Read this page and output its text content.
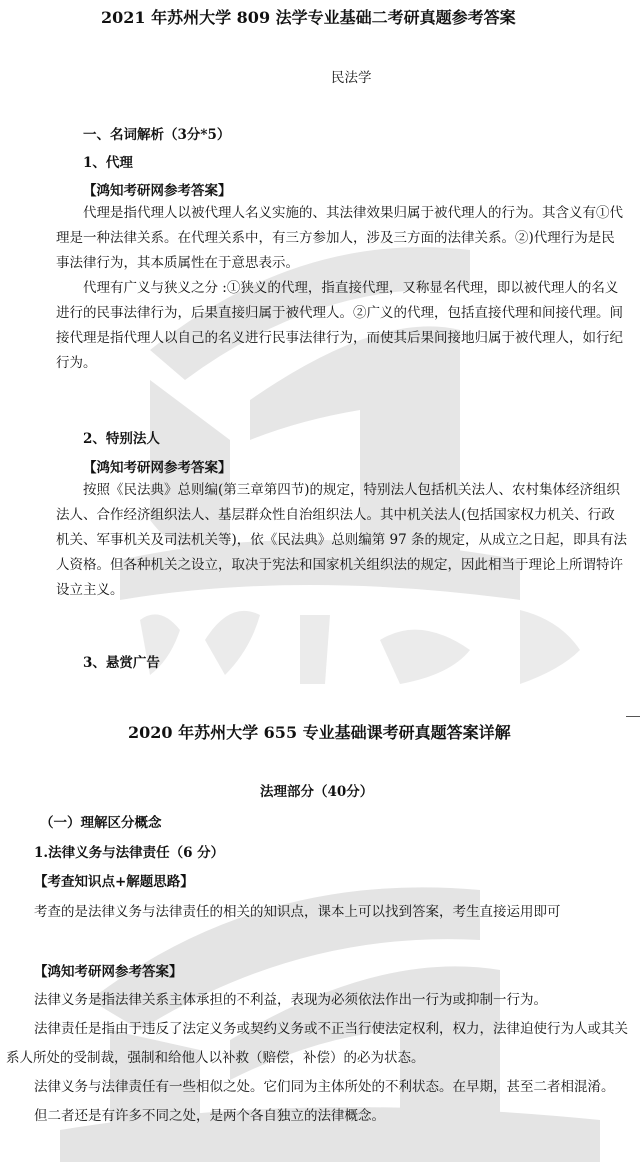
2021 年苏州大学 809 法学专业基础二考研真题参考答案
民法学
一、名词解析（3分*5）
1、代理
【鸿知考研网参考答案】

代理是指代理人以被代理人名义实施的、其法律效果归属于被代理人的行为。其含义有①代理是一种法律关系。在代理关系中，有三方参加人，涉及三方面的法律关系。②)代理行为是民事法律行为，其本质属性在于意思表示。

代理有广义与狭义之分 :①狭义的代理，指直接代理，又称显名代理，即以被代理人的名义进行的民事法律行为，后果直接归属于被代理人。②广义的代理，包括直接代理和间接代理。间接代理是指代理人以自己的名义进行民事法律行为，而使其后果间接地归属于被代理人，如行纪行为。

2、特别法人
【鸿知考研网参考答案】

按照《民法典》总则编(第三章第四节)的规定，特别法人包括机关法人、农村集体经济组织法人、合作经济组织法人、基层群众性自治组织法人。其中机关法人(包括国家权力机关、行政机关、军事机关及司法机关等)，依《民法典》总则编第 97 条的规定，从成立之日起，即具有法人资格。但各种机关之设立，取决于宪法和国家机关组织法的规定，因此相当于理论上所谓特许设立主义。

3、悬赏广告
2020 年苏州大学 655 专业基础课考研真题答案详解
法理部分（40分）
（一）理解区分概念
1.法律义务与法律责任（6 分）
【考查知识点+解题思路】

考查的是法律义务与法律责任的相关的知识点，课本上可以找到答案，考生直接运用即可

【鸿知考研网参考答案】

法律义务是指法律关系主体承担的不利益，表现为必须依法作出一行为或抑制一行为。

法律责任是指由于违反了法定义务或契约义务或不正当行使法定权利，权力，法律迫使行为人或其关系人所处的受制裁，强制和给他人以补救（赔偿，补偿）的必为状态。

法律义务与法律责任有一些相似之处。它们同为主体所处的不利状态。在早期，甚至二者相混淆。

但二者还是有许多不同之处，是两个各自独立的法律概念。
